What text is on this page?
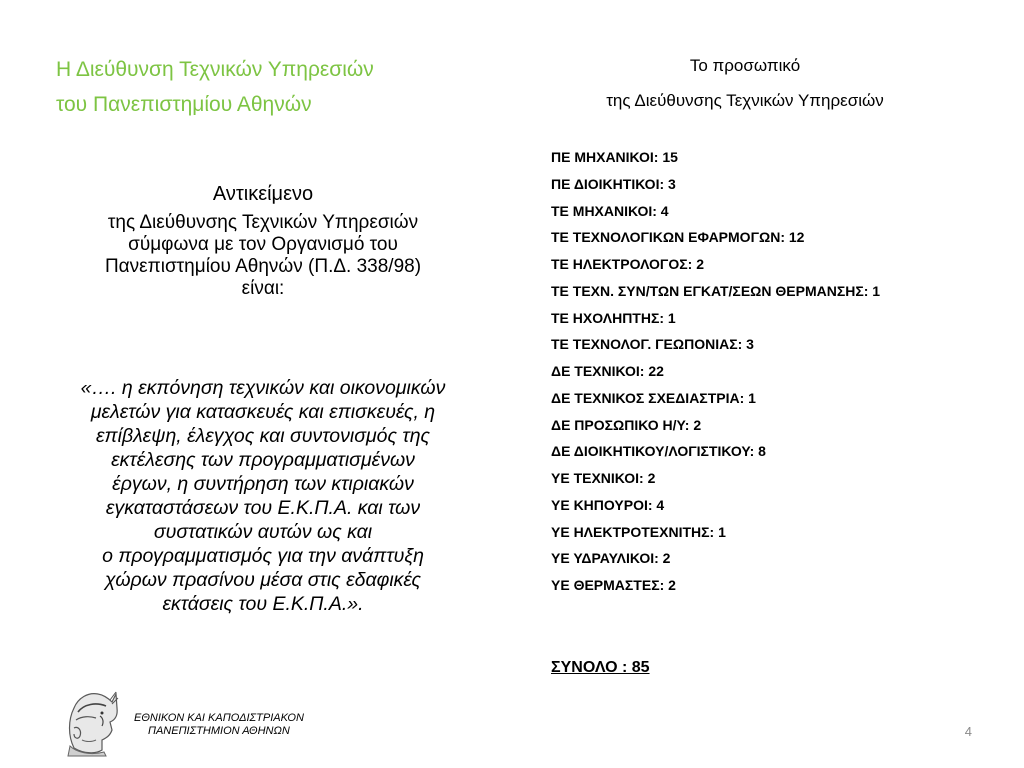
Η Διεύθυνση Τεχνικών Υπηρεσιών
του Πανεπιστημίου Αθηνών
Αντικείμενο
της Διεύθυνσης Τεχνικών Υπηρεσιών
σύμφωνα με τον Οργανισμό του
Πανεπιστημίου Αθηνών (Π.Δ. 338/98)
είναι:
«…. η εκπόνηση τεχνικών και οικονομικών
μελετών για κατασκευές και επισκευές, η
επίβλεψη, έλεγχος και συντονισμός της
εκτέλεσης των προγραμματισμένων
έργων, η συντήρηση των κτιριακών
εγκαταστάσεων του Ε.Κ.Π.Α. και των
συστατικών αυτών ως και
ο προγραμματισμός για την ανάπτυξη
χώρων πρασίνου μέσα στις εδαφικές
εκτάσεις του Ε.Κ.Π.Α.».
Το προσωπικό
της Διεύθυνσης Τεχνικών Υπηρεσιών
ΠΕ ΜΗΧΑΝΙΚΟΙ: 15
ΠΕ ΔΙΟΙΚΗΤΙΚΟΙ: 3
ΤΕ ΜΗΧΑΝΙΚΟΙ: 4
ΤΕ ΤΕΧΝΟΛΟΓΙΚΩΝ ΕΦΑΡΜΟΓΩΝ: 12
ΤΕ ΗΛΕΚΤΡΟΛΟΓΟΣ: 2
ΤΕ ΤΕΧΝ. ΣΥΝ/ΤΩΝ ΕΓΚΑΤ/ΣΕΩΝ ΘΕΡΜΑΝΣΗΣ: 1
ΤΕ ΗΧΟΛΗΠΤΗΣ: 1
ΤΕ ΤΕΧΝΟΛΟΓ. ΓΕΩΠΟΝΙΑΣ: 3
ΔΕ ΤΕΧΝΙΚΟΙ: 22
ΔΕ ΤΕΧΝΙΚΟΣ ΣΧΕΔΙΑΣΤΡΙΑ: 1
ΔΕ ΠΡΟΣΩΠΙΚΟ Η/Υ: 2
ΔΕ ΔΙΟΙΚΗΤΙΚΟΥ/ΛΟΓΙΣΤΙΚΟΥ: 8
ΥΕ ΤΕΧΝΙΚΟΙ: 2
ΥΕ ΚΗΠΟΥΡΟΙ: 4
ΥΕ ΗΛΕΚΤΡΟΤΕΧΝΙΤΗΣ: 1
ΥΕ ΥΔΡΑΥΛΙΚΟΙ: 2
ΥΕ ΘΕΡΜΑΣΤΕΣ: 2
ΣΥΝΟΛΟ : 85
ΕΘΝΙΚΟΝ ΚΑΙ ΚΑΠΟΔΙΣΤΡΙΑΚΟΝ
ΠΑΝΕΠΙΣΤΗΜΙΟΝ ΑΘΗΝΩΝ	4
